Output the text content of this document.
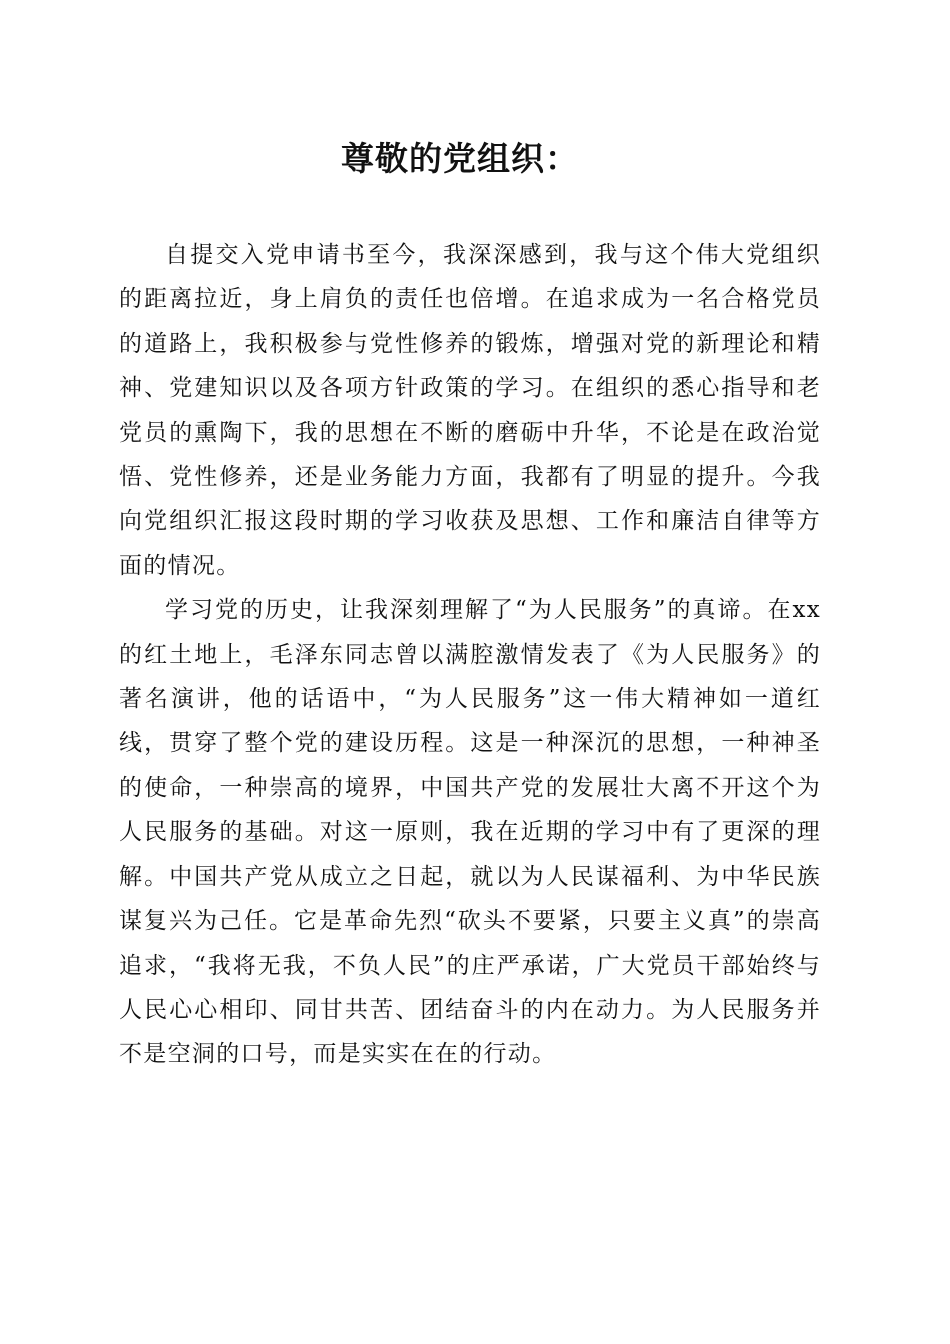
尊敬的党组织：

自提交入党申请书至今，我深深感到，我与这个伟大党组织的距离拉近，身上肩负的责任也倍增。在追求成为一名合格党员的道路上，我积极参与党性修养的锻炼，增强对党的新理论和精神、党建知识以及各项方针政策的学习。在组织的悉心指导和老党员的熏陶下，我的思想在不断的磨砺中升华，不论是在政治觉悟、党性修养，还是业务能力方面，我都有了明显的提升。今我向党组织汇报这段时期的学习收获及思想、工作和廉洁自律等方面的情况。

学习党的历史，让我深刻理解了“为人民服务”的真谛。在xx的红土地上，毛泽东同志曾以满腔激情发表了《为人民服务》的著名演讲，他的话语中，“为人民服务”这一伟大精神如一道红线，贯穿了整个党的建设历程。这是一种深沉的思想，一种神圣的使命，一种崇高的境界，中国共产党的发展壮大离不开这个为人民服务的基础。对这一原则，我在近期的学习中有了更深的理解。中国共产党从成立之日起，就以为人民谋福利、为中华民族谋复兴为己任。它是革命先烈“砍头不要紧，只要主义真”的崇高追求，“我将无我，不负人民”的庄严承诺，广大党员干部始终与人民心心相印、同甘共苦、团结奋斗的内在动力。为人民服务并不是空洞的口号，而是实实在在的行动。
